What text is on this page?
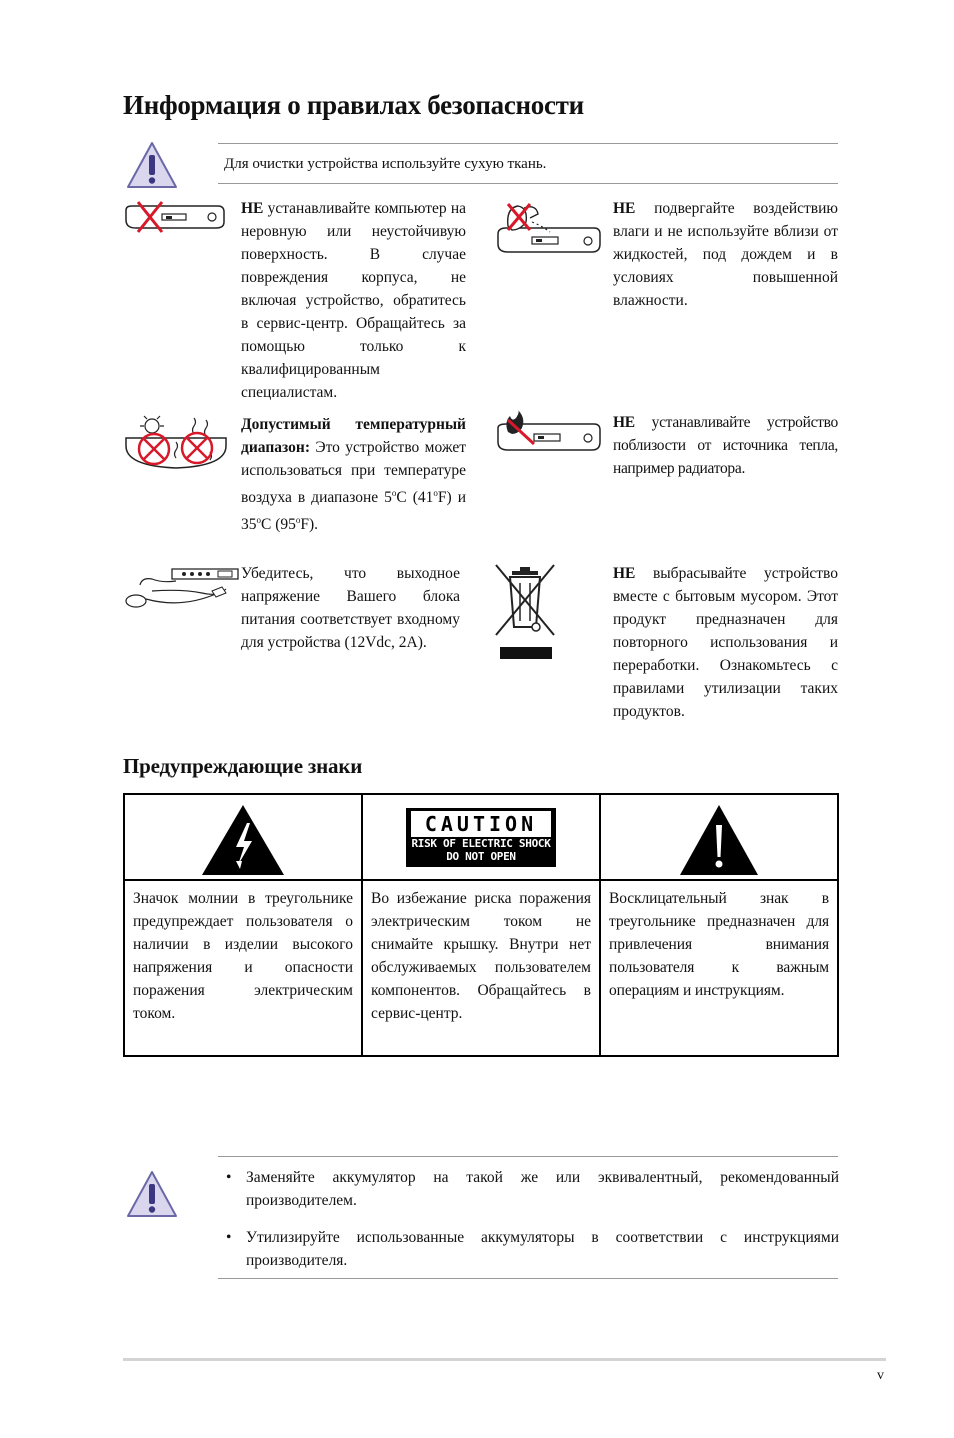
Информация о правилах безопасности
Для очистки устройства используйте сухую ткань.
НЕ устанавливайте компьютер на неровную или неустойчивую поверхность. В случае повреждения корпуса, не включая устройство, обратитесь в сервис-центр. Обращайтесь за помощью только к квалифицированным специалистам.
НЕ подвергайте воздействию влаги и не используйте вблизи от жидкостей, под дождем и в условиях повышенной влажности.
Допустимый температурный диапазон: Это устройство может использоваться при температуре воздуха в диапазоне 5$^o$C (41$^o$F) и 35$^o$C (95$^o$F).
НЕ устанавливайте устройство поблизости от источника тепла, например радиатора.
Убедитесь, что выходное напряжение Вашего блока питания соответствует входному для устройства (12Vdc, 2A).
НЕ выбрасывайте устройство вместе с бытовым мусором. Этот продукт предназначен для повторного использования и переработки. Ознакомьтесь с правилами утилизации таких продуктов.
Предупреждающие знаки

CAUTION
RISK OF ELECTRIC SHOCK
DO NOT OPEN

Значок молнии в треугольнике предупреждает пользователя о наличии в изделии высокого напряжения и опасности поражения электрическим током.	Во избежание риска поражения электрическим током не снимайте крышку. Внутри нет обслуживаемых пользователем компонентов. Обращайтесь в сервис-центр.	Восклицательный знак в треугольнике предназначен для привлечения внимания пользователя к важным операциям и инструкциям.
• Заменяйте аккумулятор на такой же или эквивалентный, рекомендованный производителем.
• Утилизируйте использованные аккумуляторы в соответствии с инструкциями производителя.
v
